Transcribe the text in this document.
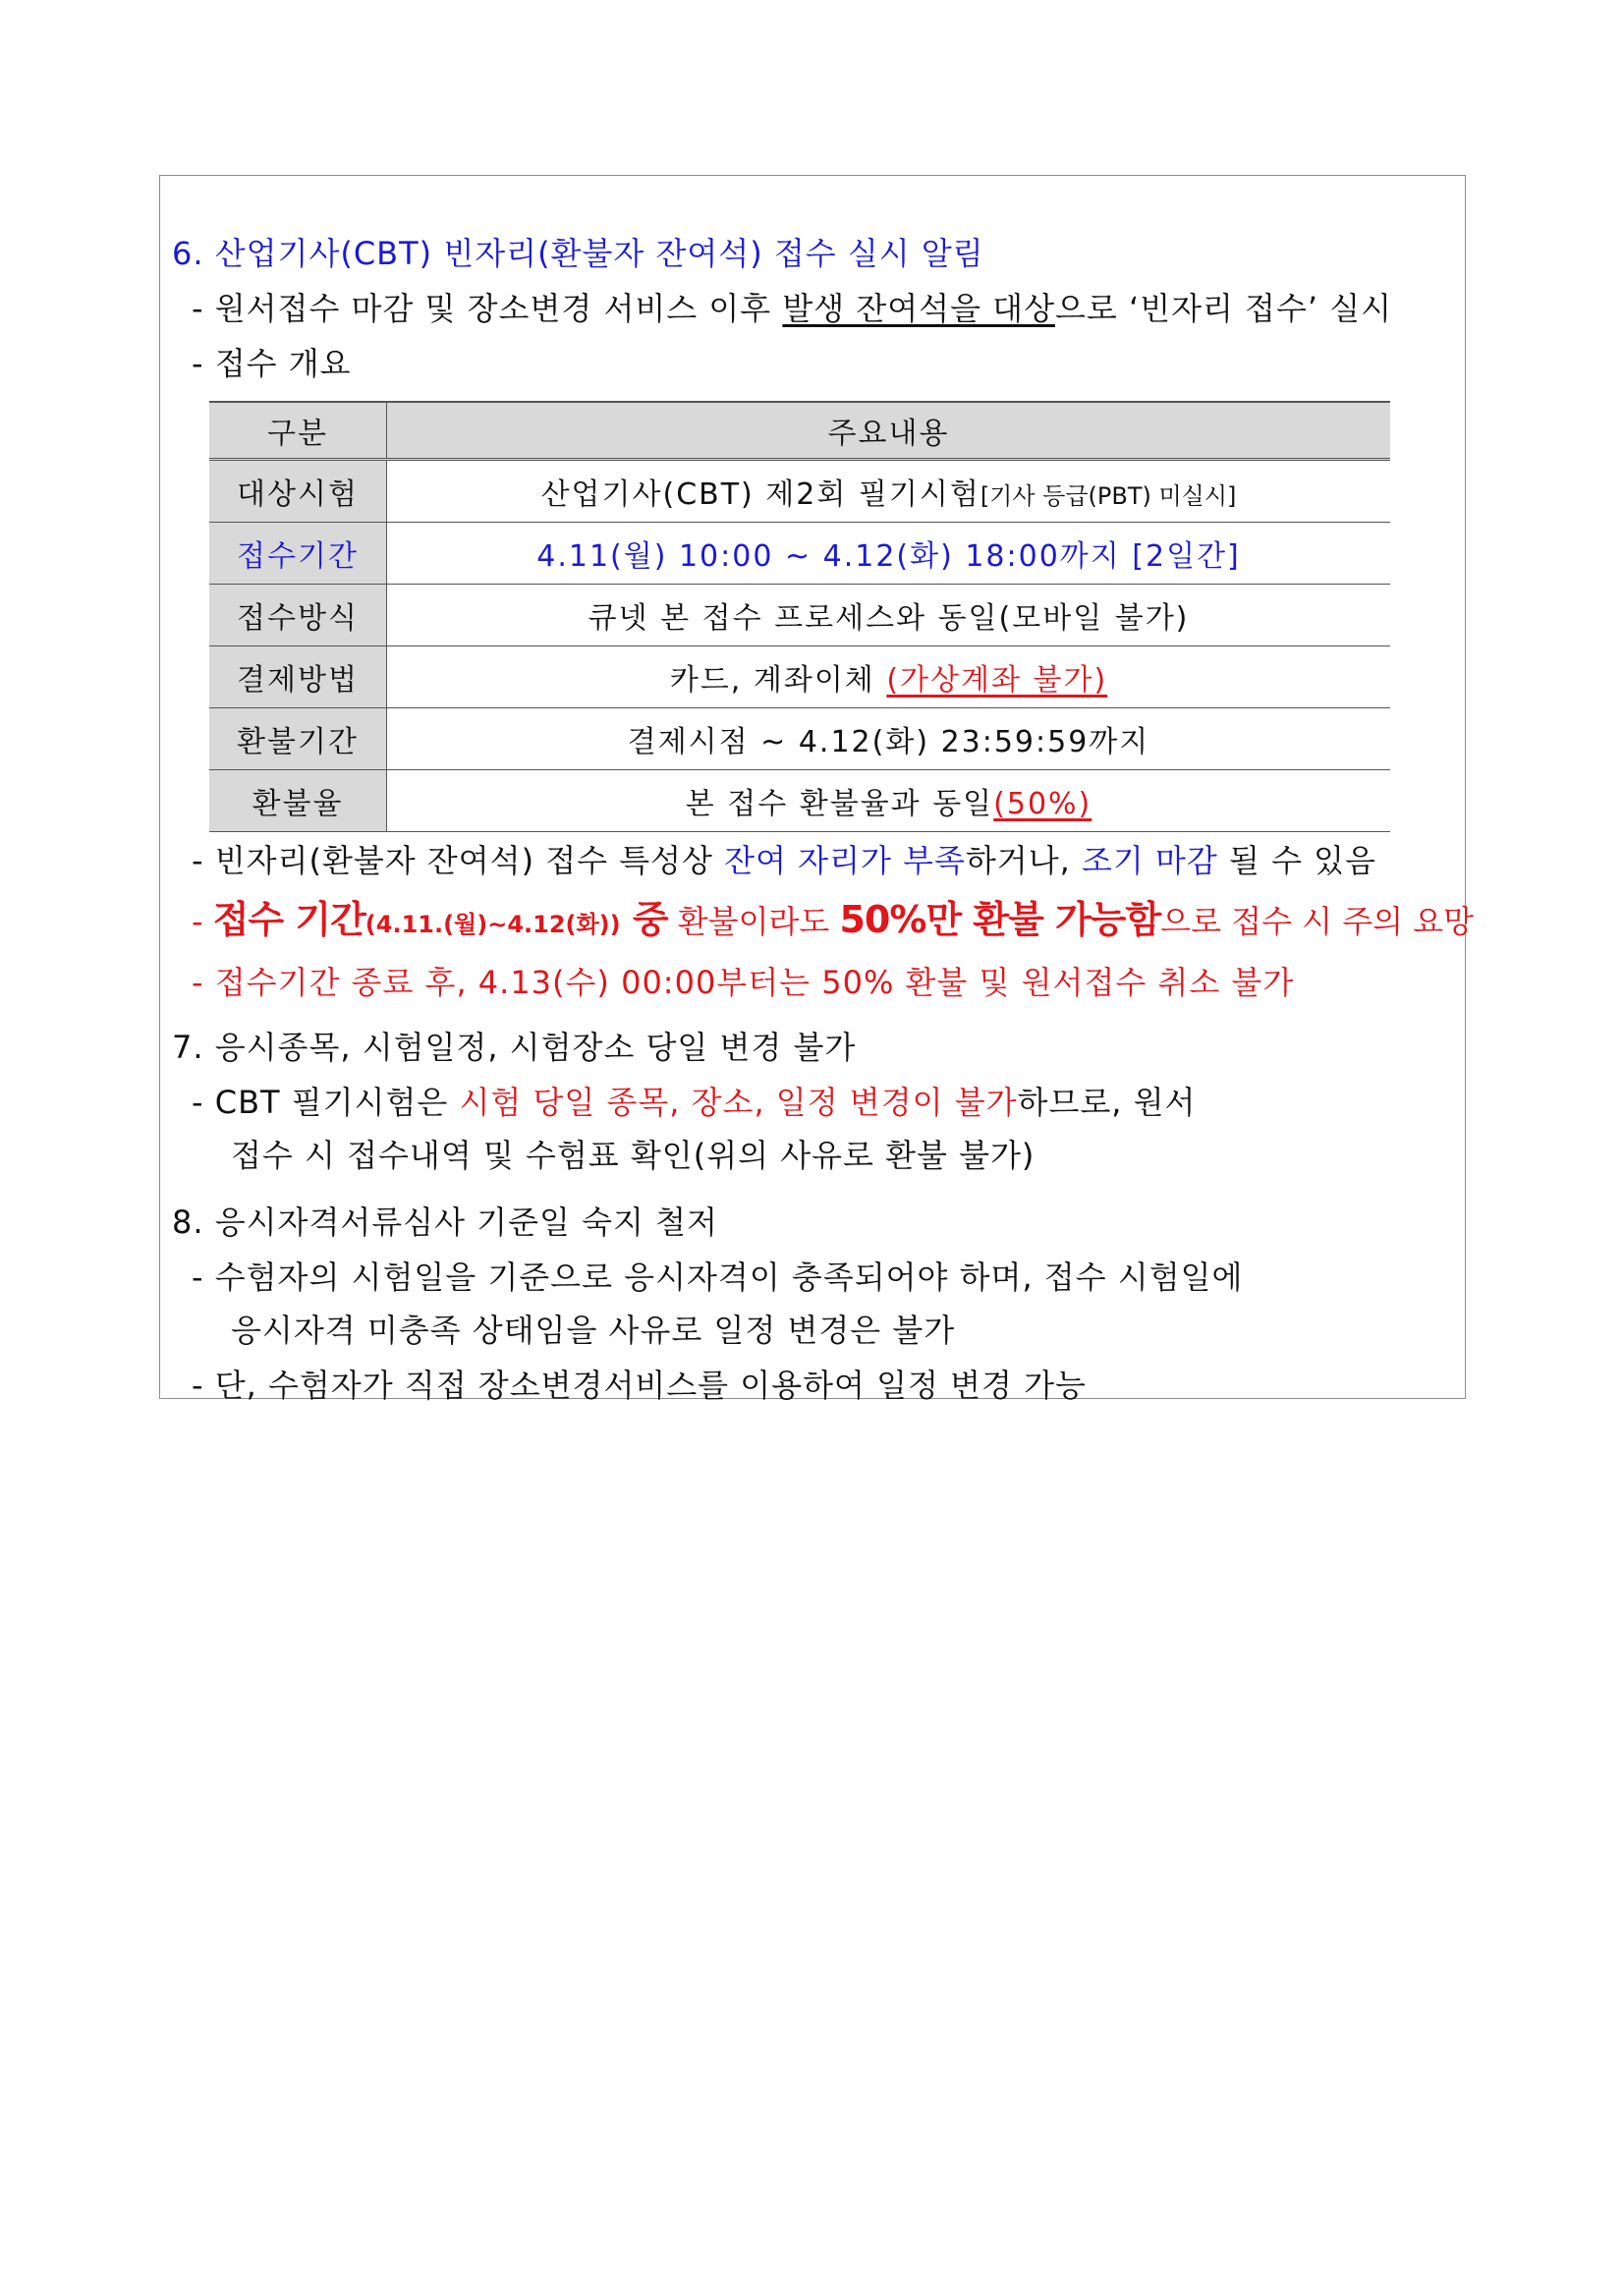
6. 산업기사(CBT) 빈자리(환불자 잔여석) 접수 실시 알림
- 원서접수 마감 및 장소변경 서비스 이후 발생 잔여석을 대상으로 ‘빈자리 접수’ 실시
- 접수 개요
구분	주요내용
대상시험	산업기사(CBT) 제2회 필기시험[기사 등급(PBT) 미실시]
접수기간	4.11(월) 10:00 ~ 4.12(화) 18:00까지 [2일간]
접수방식	큐넷 본 접수 프로세스와 동일(모바일 불가)
결제방법	카드, 계좌이체 (가상계좌 불가)
환불기간	결제시점 ~ 4.12(화) 23:59:59까지
환불율	본 접수 환불율과 동일(50%)
- 빈자리(환불자 잔여석) 접수 특성상 잔여 자리가 부족하거나, 조기 마감 될 수 있음
- 접수 기간(4.11.(월)~4.12(화)) 중 환불이라도 50%만 환불 가능함으로 접수 시 주의 요망
- 접수기간 종료 후, 4.13(수) 00:00부터는 50% 환불 및 원서접수 취소 불가
7. 응시종목, 시험일정, 시험장소 당일 변경 불가
- CBT 필기시험은 시험 당일 종목, 장소, 일정 변경이 불가하므로, 원서
접수 시 접수내역 및 수험표 확인(위의 사유로 환불 불가)
8. 응시자격서류심사 기준일 숙지 철저
- 수험자의 시험일을 기준으로 응시자격이 충족되어야 하며, 접수 시험일에
응시자격 미충족 상태임을 사유로 일정 변경은 불가
- 단, 수험자가 직접 장소변경서비스를 이용하여 일정 변경 가능
